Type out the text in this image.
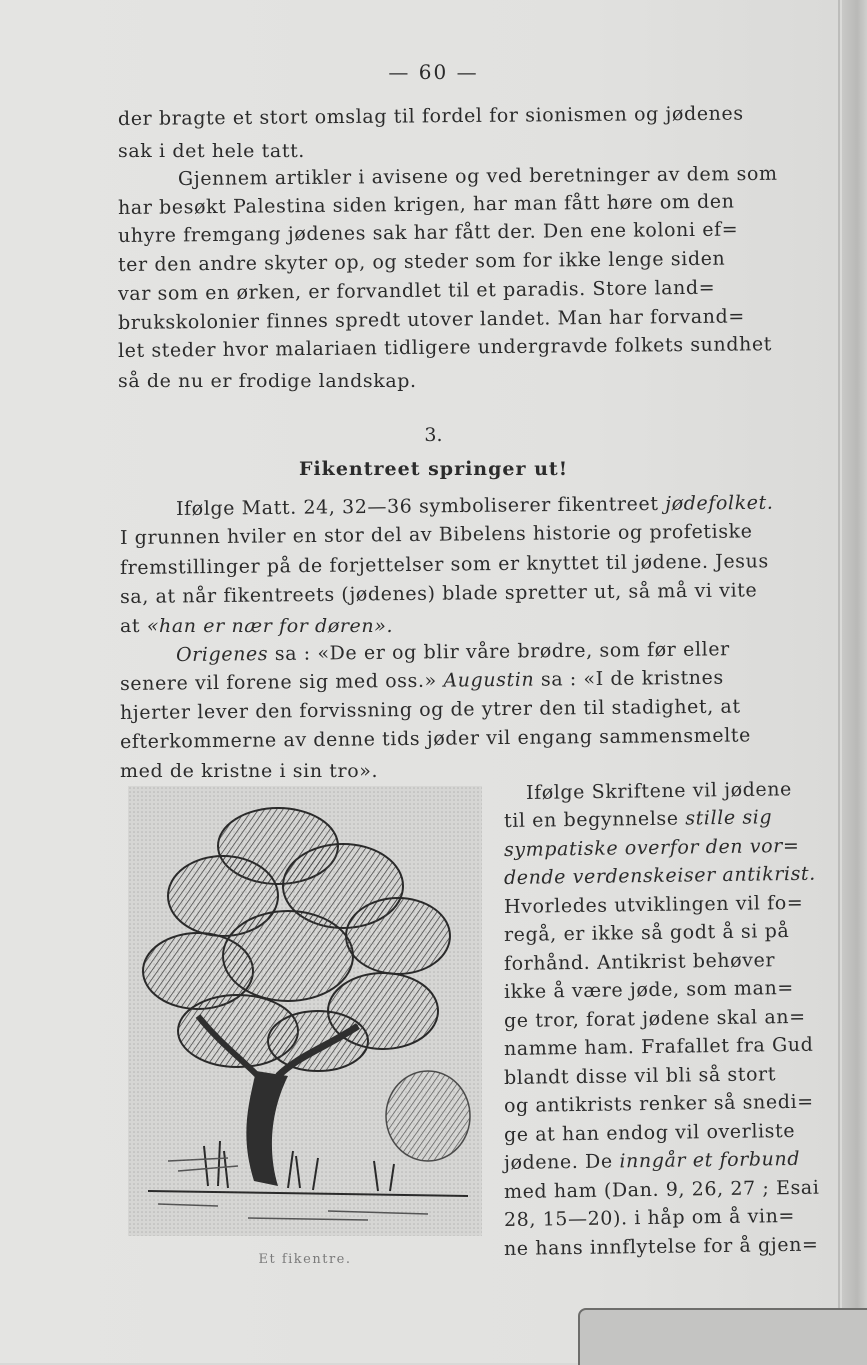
— 60 —
der bragte et stort omslag til fordel for sionismen og jødenes
sak i det hele tatt.
Gjennem artikler i avisene og ved beretninger av dem som
har besøkt Palestina siden krigen, har man fått høre om den
uhyre fremgang jødenes sak har fått der. Den ene koloni ef=
ter den andre skyter op, og steder som for ikke lenge siden
var som en ørken, er forvandlet til et paradis. Store land=
brukskolonier finnes spredt utover landet. Man har forvand=
let steder hvor malariaen tidligere undergravde folkets sundhet
så de nu er frodige landskap.
3.
Fikentreet springer ut!
Ifølge Matt. 24, 32—36 symboliserer fikentreet jødefolket.
I grunnen hviler en stor del av Bibelens historie og profetiske
fremstillinger på de forjettelser som er knyttet til jødene. Jesus
sa, at når fikentreets (jødenes) blade spretter ut, så må vi vite
at «han er nær for døren».
Origenes sa : «De er og blir våre brødre, som før eller
senere vil forene sig med oss.» Augustin sa : «I de kristnes
hjerter lever den forvissning og de ytrer den til stadighet, at
efterkommerne av denne tids jøder vil engang sammensmelte
med de kristne i sin tro».
Et fikentre.
Ifølge Skriftene vil jødene
til en begynnelse stille sig
sympatiske overfor den vor=
dende verdenskeiser antikrist.
Hvorledes utviklingen vil fo=
regå, er ikke så godt å si på
forhånd. Antikrist behøver
ikke å være jøde, som man=
ge tror, forat jødene skal an=
namme ham. Frafallet fra Gud
blandt disse vil bli så stort
og antikrists renker så snedi=
ge at han endog vil overliste
jødene. De inngår et forbund
med ham (Dan. 9, 26, 27 ; Esai
28, 15—20). i håp om å vin=
ne hans innflytelse for å gjen=
